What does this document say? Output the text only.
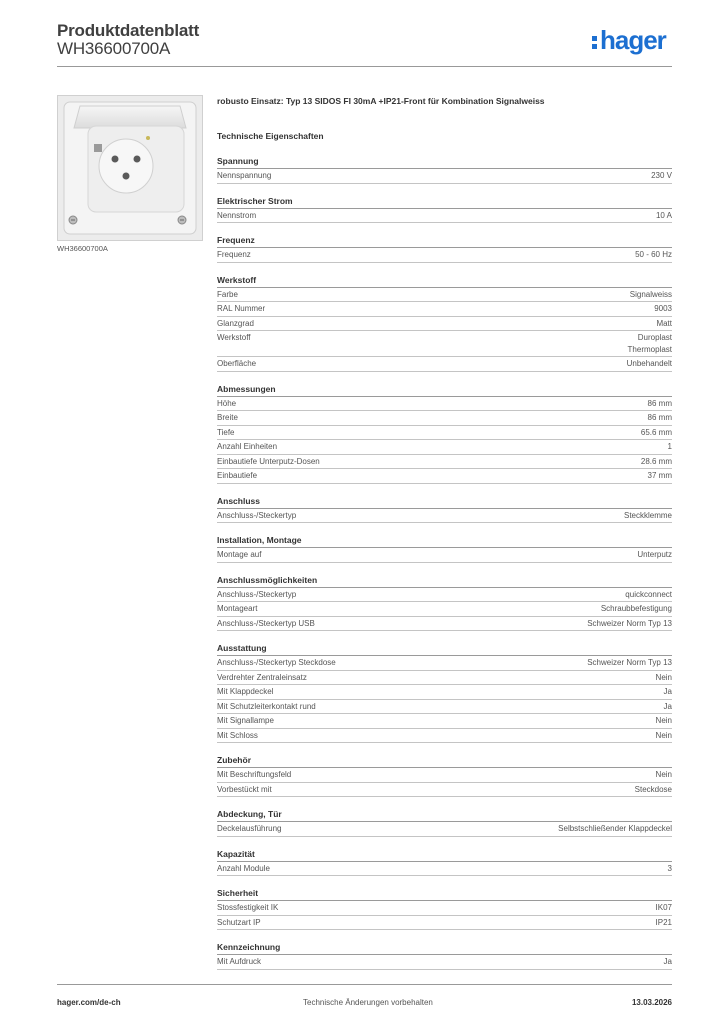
Produktdatenblatt
WH36600700A	hager
WH36600700A
robusto Einsatz: Typ 13 SIDOS FI 30mA +IP21-Front für Kombination Signalweiss
Technische Eigenschaften
Spannung
Nennspannung	230 V
Elektrischer Strom
Nennstrom	10 A
Frequenz
Frequenz	50 - 60 Hz
Werkstoff
Farbe	Signalweiss
RAL Nummer	9003
Glanzgrad	Matt
Werkstoff	Duroplast
Thermoplast
Oberfläche	Unbehandelt
Abmessungen
Höhe	86 mm
Breite	86 mm
Tiefe	65.6 mm
Anzahl Einheiten	1
Einbautiefe Unterputz-Dosen	28.6 mm
Einbautiefe	37 mm
Anschluss
Anschluss-/Steckertyp	Steckklemme
Installation, Montage
Montage auf	Unterputz
Anschlussmöglichkeiten
Anschluss-/Steckertyp	quickconnect
Montageart	Schraubbefestigung
Anschluss-/Steckertyp USB	Schweizer Norm Typ 13
Ausstattung
Anschluss-/Steckertyp Steckdose	Schweizer Norm Typ 13
Verdrehter Zentraleinsatz	Nein
Mit Klappdeckel	Ja
Mit Schutzleiterkontakt rund	Ja
Mit Signallampe	Nein
Mit Schloss	Nein
Zubehör
Mit Beschriftungsfeld	Nein
Vorbestückt mit	Steckdose
Abdeckung, Tür
Deckelausführung	Selbstschließender Klappdeckel
Kapazität
Anzahl Module	3
Sicherheit
Stossfestigkeit IK	IK07
Schutzart IP	IP21
Kennzeichnung
Mit Aufdruck	Ja
hager.com/de-ch	Technische Änderungen vorbehalten	13.03.2026
